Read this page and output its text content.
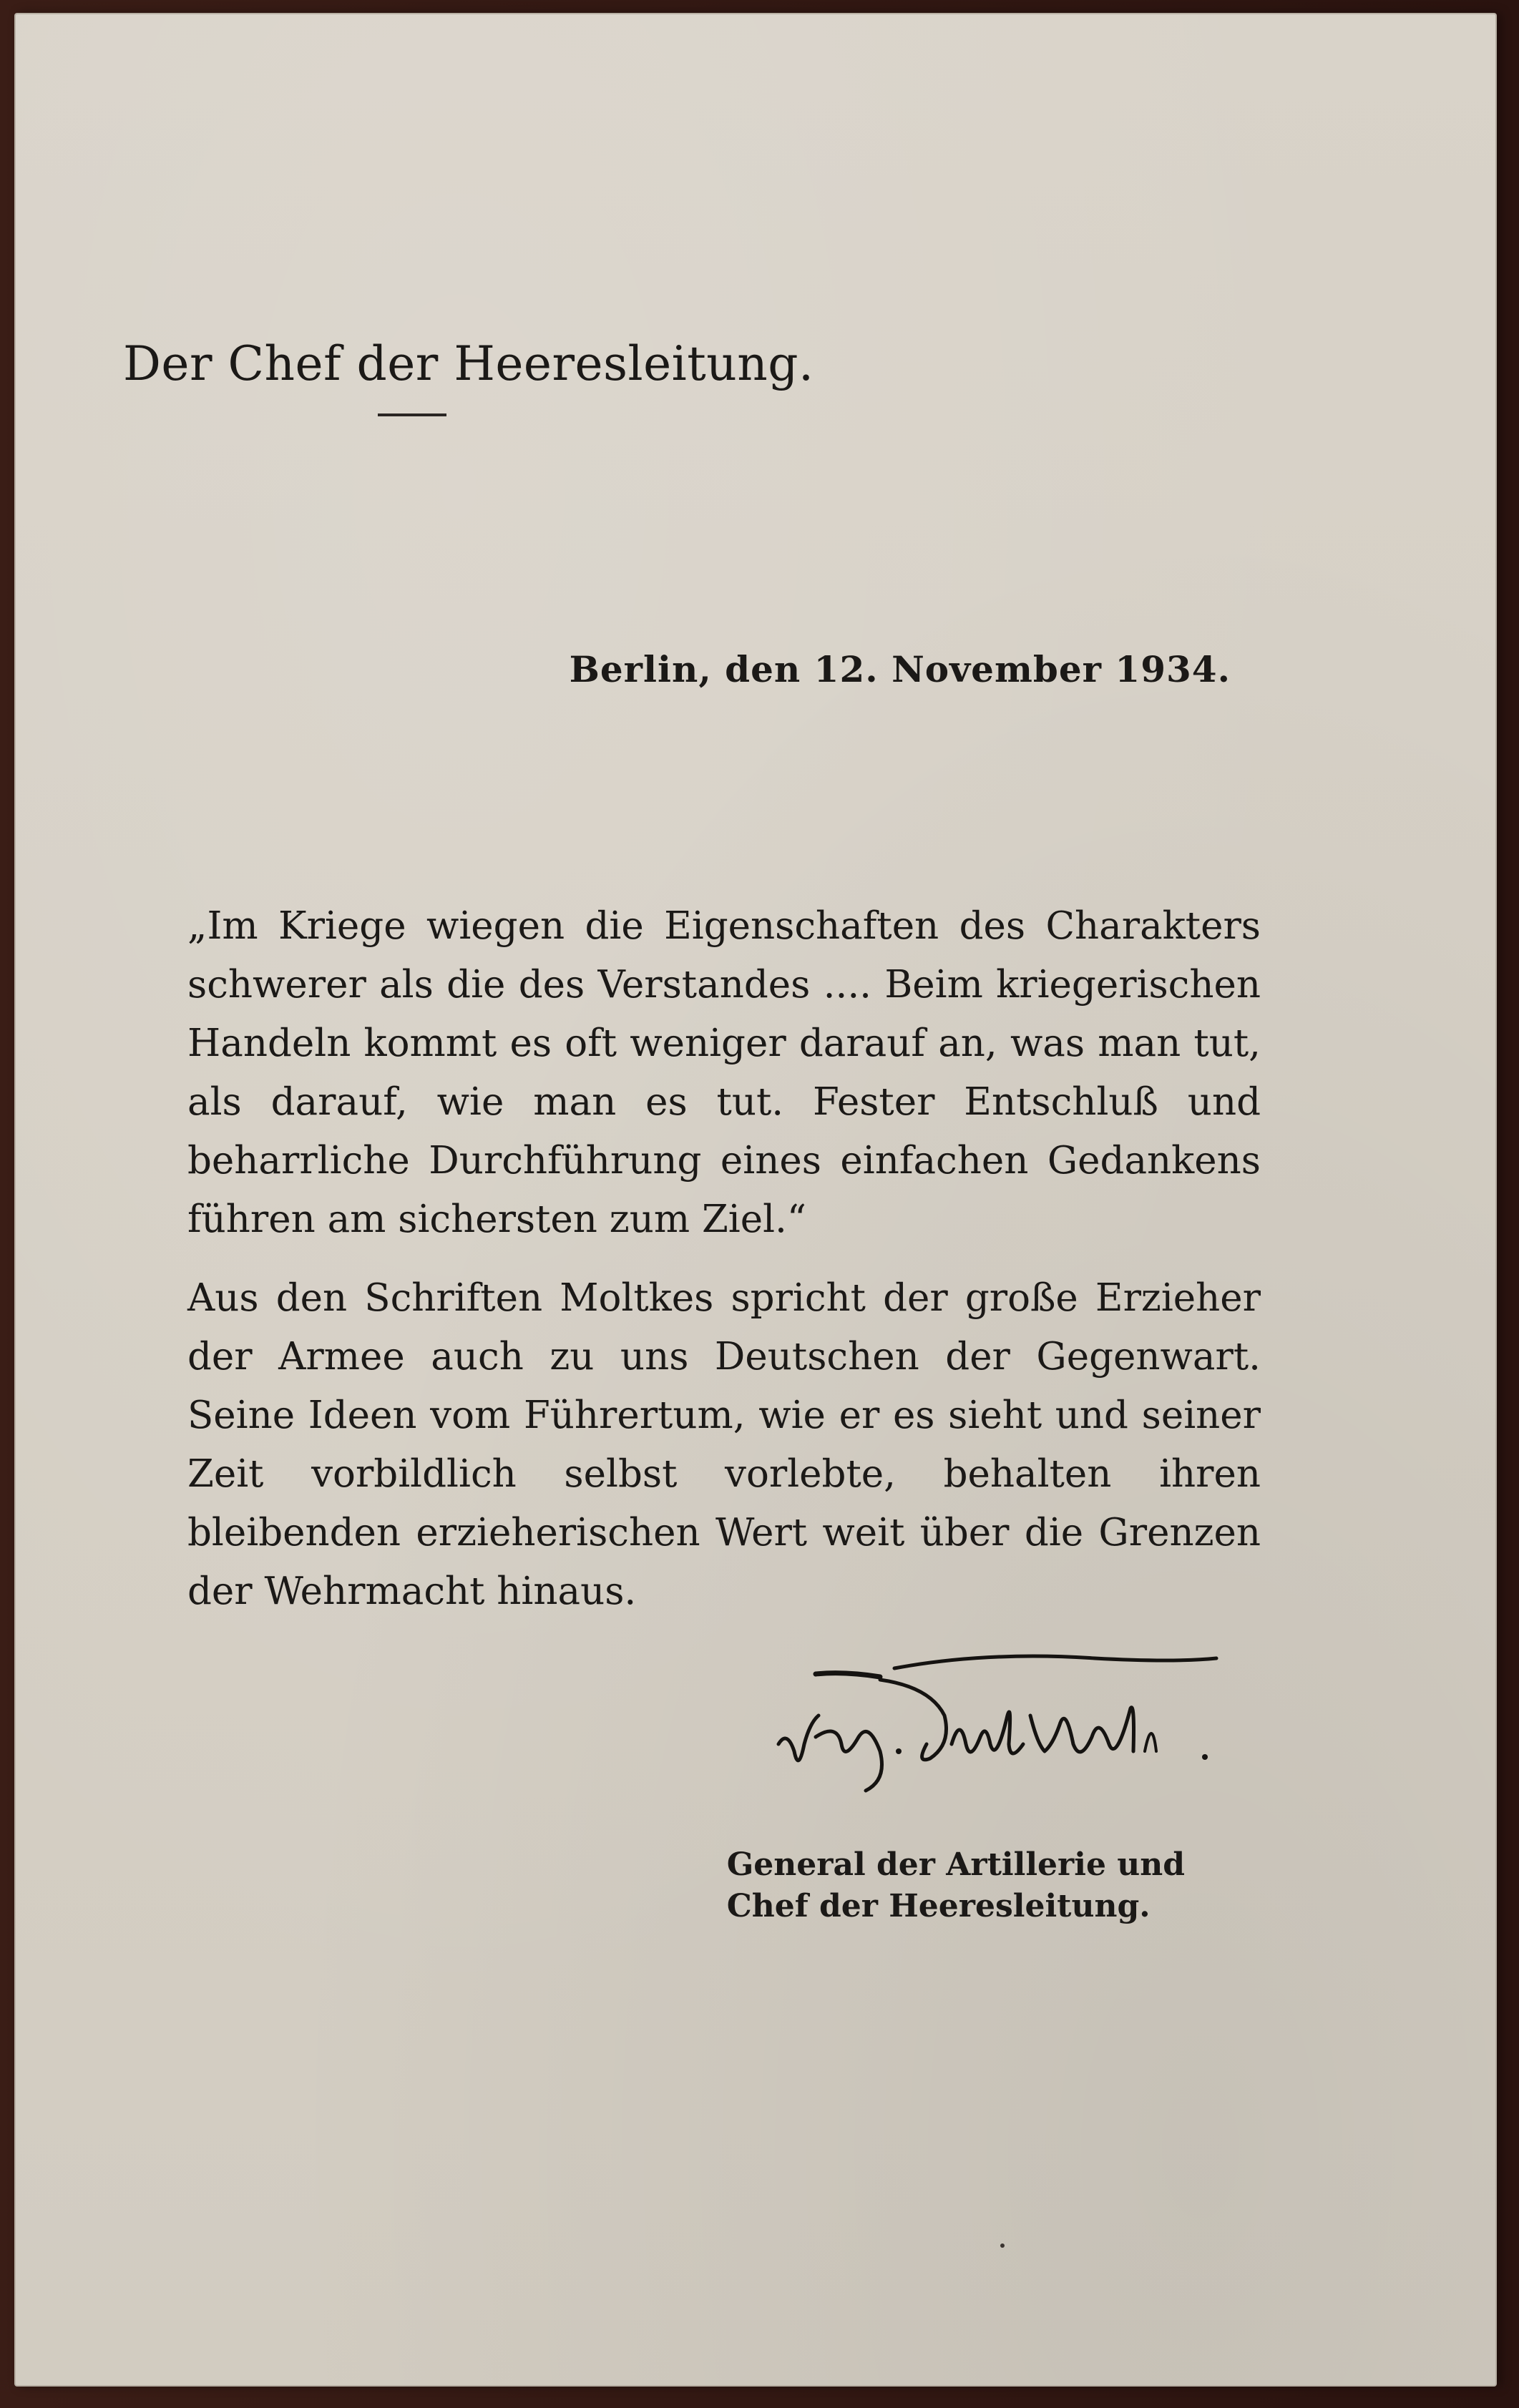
Der Chef der Heeresleitung.

Berlin, den 12. November 1934.

„Im Kriege wiegen die Eigenschaften des Charakters schwerer als die des Verstandes .... Beim kriegerischen Handeln kommt es oft weniger darauf an, was man tut, als darauf, wie man es tut. Fester Entschluß und beharrliche Durchführung eines einfachen Gedankens führen am sichersten zum Ziel.“

Aus den Schriften Moltkes spricht der große Erzieher der Armee auch zu uns Deutschen der Gegenwart. Seine Ideen vom Führertum, wie er es sieht und seiner Zeit vorbildlich selbst vorlebte, behalten ihren bleibenden erzieherischen Wert weit über die Grenzen der Wehrmacht hinaus.

General der Artillerie und
Chef der Heeresleitung.
